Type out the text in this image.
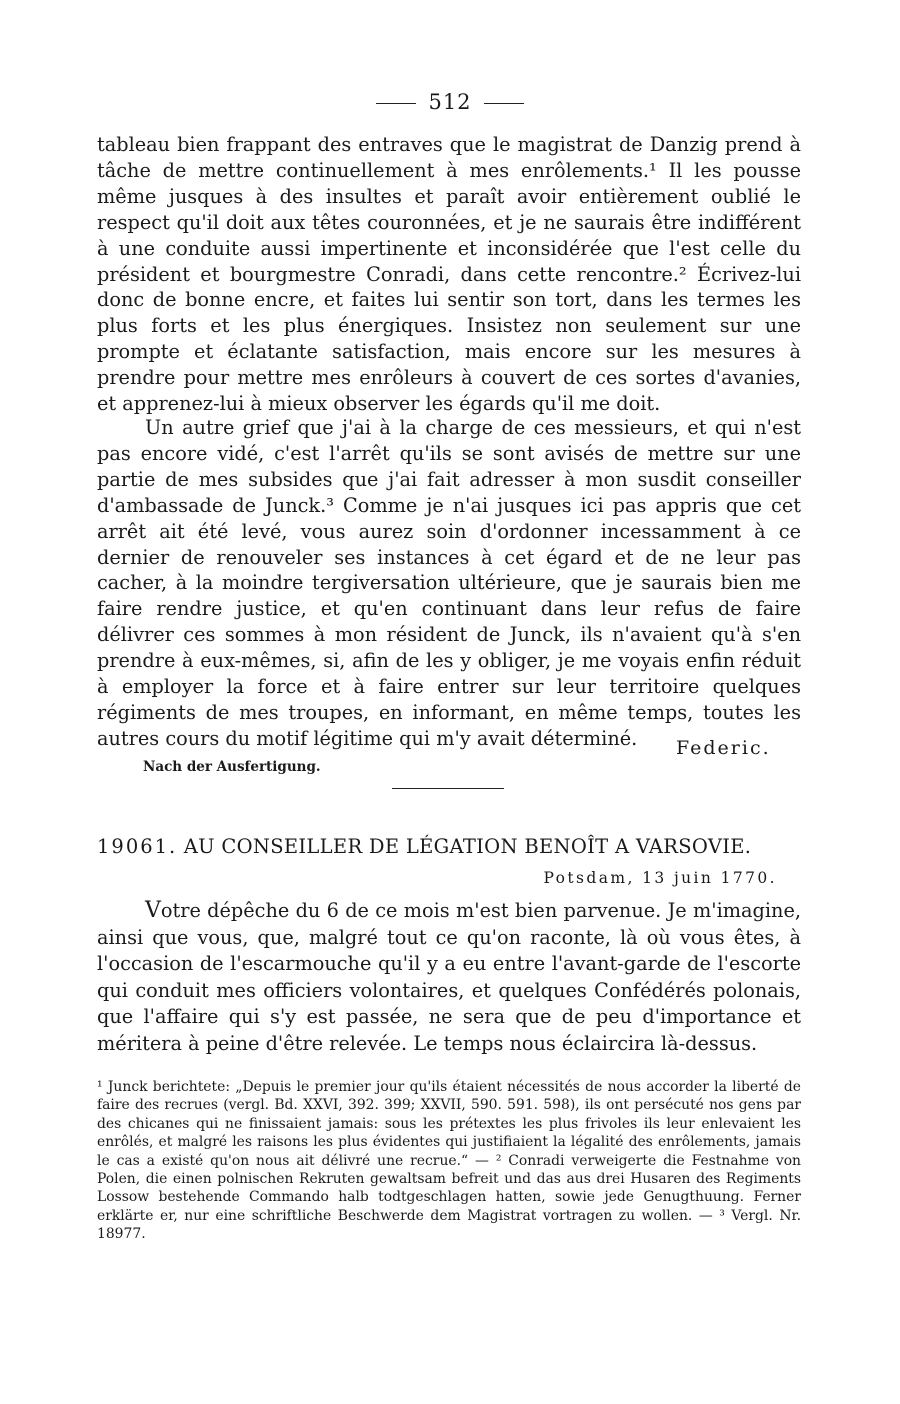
512

tableau bien frappant des entraves que le magistrat de Danzig prend à tâche de mettre continuellement à mes enrôlements.¹ Il les pousse même jusques à des insultes et paraît avoir entièrement oublié le respect qu'il doit aux têtes couronnées, et je ne saurais être indifférent à une conduite aussi impertinente et inconsidérée que l'est celle du président et bourgmestre Conradi, dans cette rencontre.² Écrivez-lui donc de bonne encre, et faites lui sentir son tort, dans les termes les plus forts et les plus énergiques. Insistez non seulement sur une prompte et éclatante satisfaction, mais encore sur les mesures à prendre pour mettre mes enrôleurs à couvert de ces sortes d'avanies, et apprenez-lui à mieux observer les égards qu'il me doit.

Un autre grief que j'ai à la charge de ces messieurs, et qui n'est pas encore vidé, c'est l'arrêt qu'ils se sont avisés de mettre sur une partie de mes subsides que j'ai fait adresser à mon susdit conseiller d'ambassade de Junck.³ Comme je n'ai jusques ici pas appris que cet arrêt ait été levé, vous aurez soin d'ordonner incessamment à ce dernier de renouveler ses instances à cet égard et de ne leur pas cacher, à la moindre tergiversation ultérieure, que je saurais bien me faire rendre justice, et qu'en continuant dans leur refus de faire délivrer ces sommes à mon résident de Junck, ils n'avaient qu'à s'en prendre à eux-mêmes, si, afin de les y obliger, je me voyais enfin réduit à employer la force et à faire entrer sur leur territoire quelques régiments de mes troupes, en informant, en même temps, toutes les autres cours du motif légitime qui m'y avait déterminé.	Federic.
Nach der Ausfertigung.
19061. AU CONSEILLER DE LÉGATION BENOÎT A VARSOVIE.
Potsdam, 13 juin 1770.

Votre dépêche du 6 de ce mois m'est bien parvenue. Je m'imagine, ainsi que vous, que, malgré tout ce qu'on raconte, là où vous êtes, à l'occasion de l'escarmouche qu'il y a eu entre l'avant-garde de l'escorte qui conduit mes officiers volontaires, et quelques Confédérés polonais, que l'affaire qui s'y est passée, ne sera que de peu d'importance et méritera à peine d'être relevée. Le temps nous éclaircira là-dessus.

¹ Junck berichtete: „Depuis le premier jour qu'ils étaient nécessités de nous accorder la liberté de faire des recrues (vergl. Bd. XXVI, 392. 399; XXVII, 590. 591. 598), ils ont persécuté nos gens par des chicanes qui ne finissaient jamais: sous les prétextes les plus frivoles ils leur enlevaient les enrôlés, et malgré les raisons les plus évidentes qui justifiaient la légalité des enrôlements, jamais le cas a existé qu'on nous ait délivré une recrue.“ — ² Conradi verweigerte die Festnahme von Polen, die einen polnischen Rekruten gewaltsam befreit und das aus drei Husaren des Regiments Lossow bestehende Commando halb todtgeschlagen hatten, sowie jede Genugthuung. Ferner erklärte er, nur eine schriftliche Beschwerde dem Magistrat vortragen zu wollen. — ³ Vergl. Nr. 18977.
